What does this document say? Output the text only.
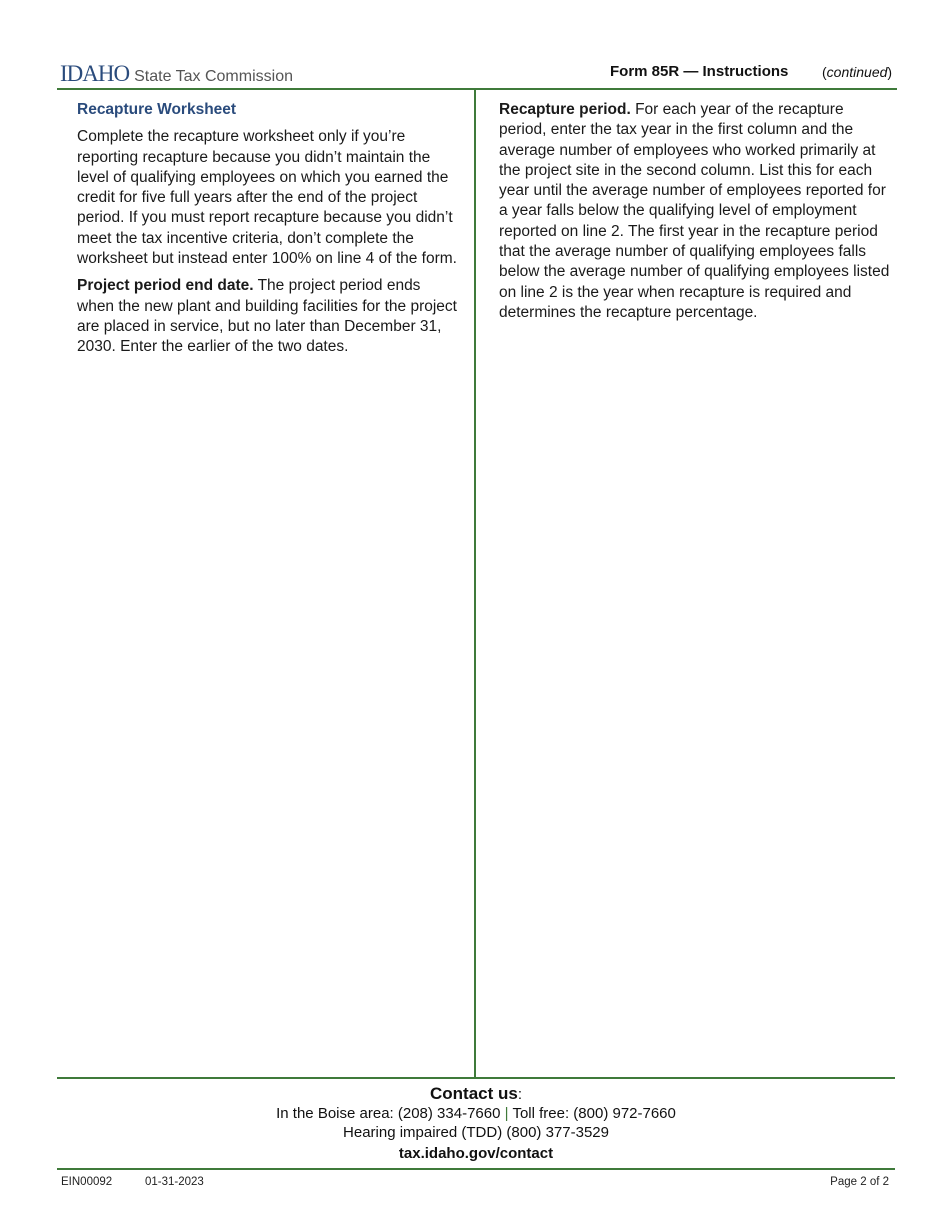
IDAHO State Tax Commission	Form 85R — Instructions (continued)
Recapture Worksheet

Complete the recapture worksheet only if you’re reporting recapture because you didn’t maintain the level of qualifying employees on which you earned the credit for five full years after the end of the project period. If you must report recapture because you didn’t meet the tax incentive criteria, don’t complete the worksheet but instead enter 100% on line 4 of the form.

Project period end date. The project period ends when the new plant and building facilities for the project are placed in service, but no later than December 31, 2030. Enter the earlier of the two dates.

Recapture period. For each year of the recapture period, enter the tax year in the first column and the average number of employees who worked primarily at the project site in the second column. List this for each year until the average number of employees reported for a year falls below the qualifying level of employment reported on line 2. The first year in the recapture period that the average number of qualifying employees falls below the average number of qualifying employees listed on line 2 is the year when recapture is required and determines the recapture percentage.

Contact us:
In the Boise area: (208) 334-7660 | Toll free: (800) 972-7660
Hearing impaired (TDD) (800) 377-3529
tax.idaho.gov/contact
EIN00092	01-31-2023	Page 2 of 2
